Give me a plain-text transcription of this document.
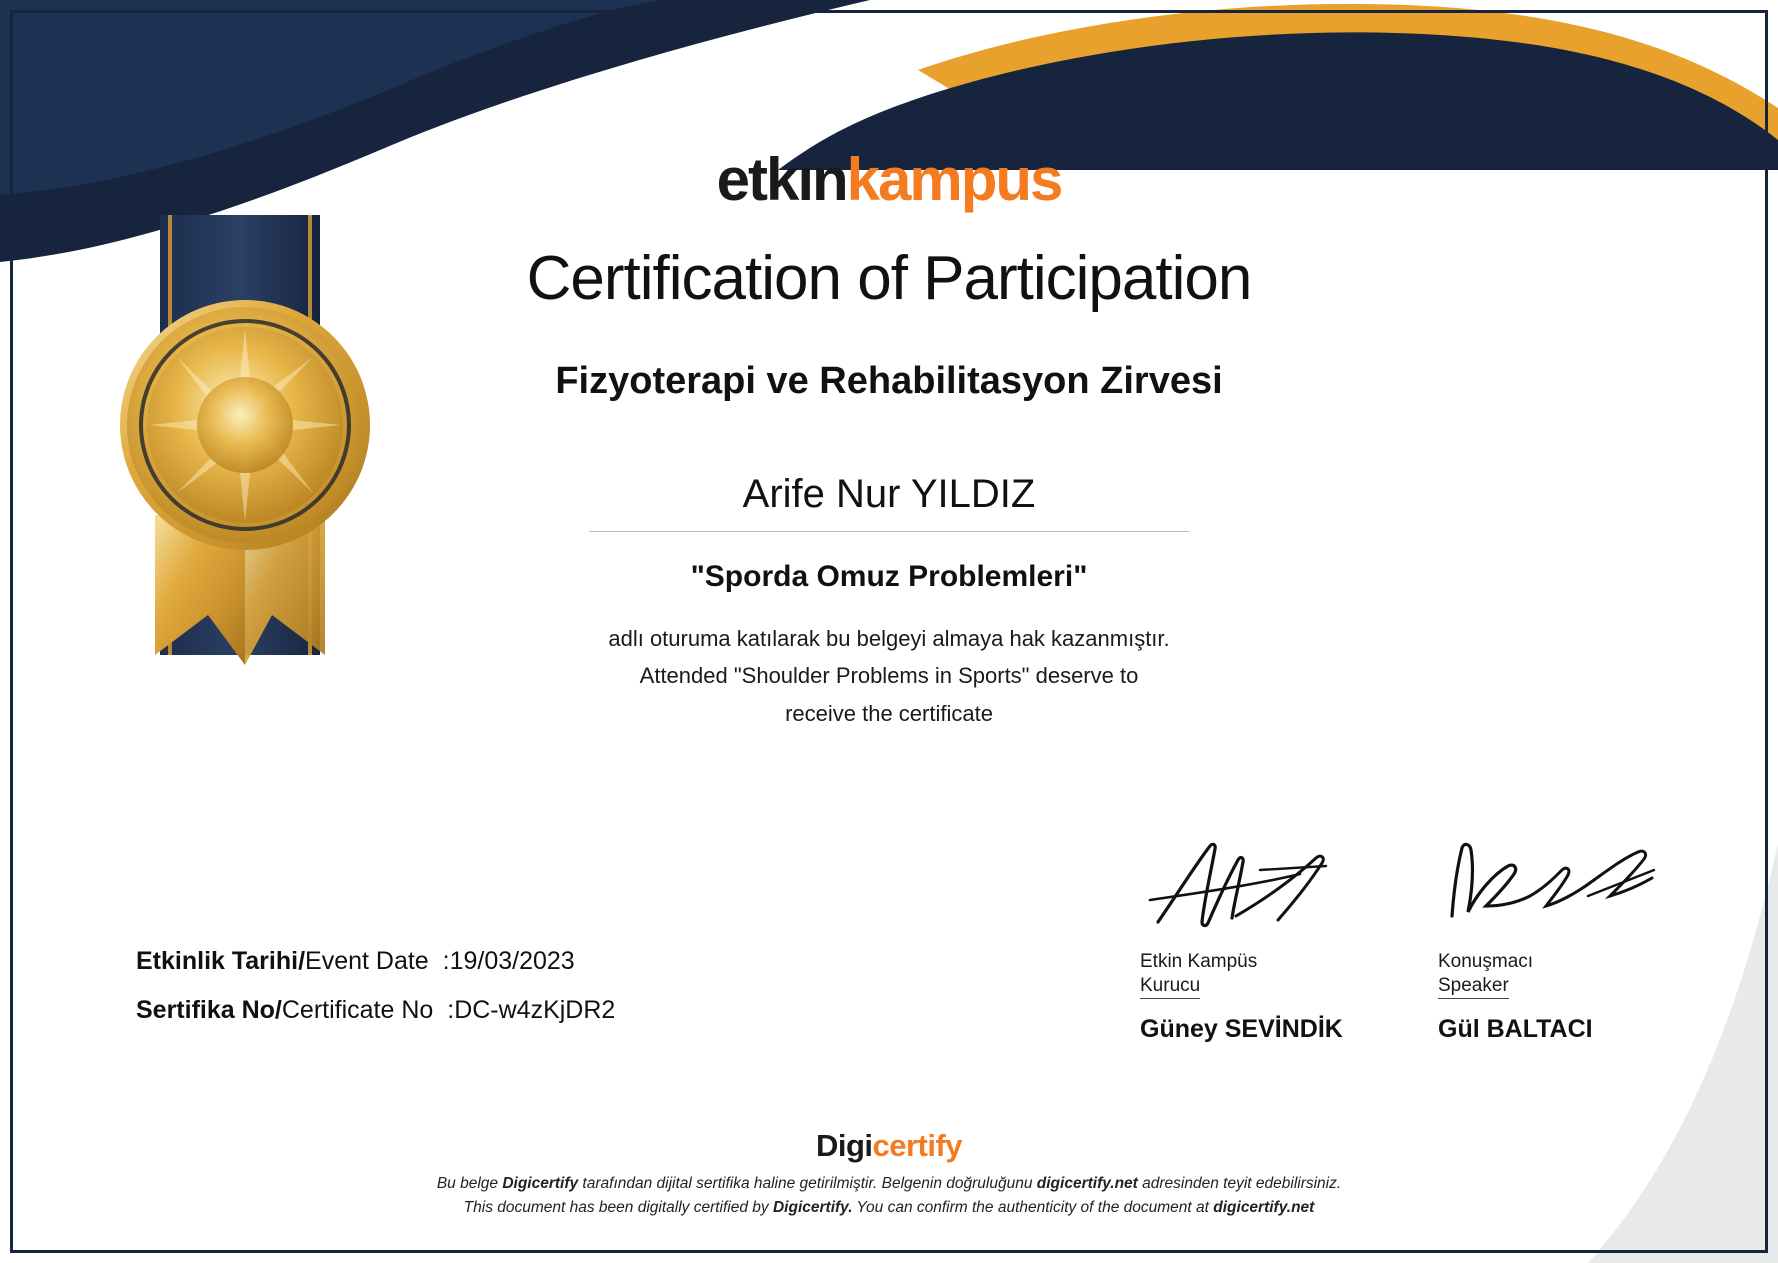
etkınkampus
Certification of Participation
Fizyoterapi ve Rehabilitasyon Zirvesi
Arife Nur YILDIZ
"Sporda Omuz Problemleri"
adlı oturuma katılarak bu belgeyi almaya hak kazanmıştır.
Attended "Shoulder Problems in Sports" deserve to
receive the certificate
Etkinlik Tarihi/Event Date :19/03/2023
Sertifika No/Certificate No :DC-w4zKjDR2
Etkin Kampüs
Kurucu
Güney SEVİNDİK
Konuşmacı
Speaker
Gül BALTACI
Digicertify
Bu belge Digicertify tarafından dijital sertifika haline getirilmiştir. Belgenin doğruluğunu digicertify.net adresinden teyit edebilirsiniz.
This document has been digitally certified by Digicertify. You can confirm the authenticity of the document at digicertify.net
